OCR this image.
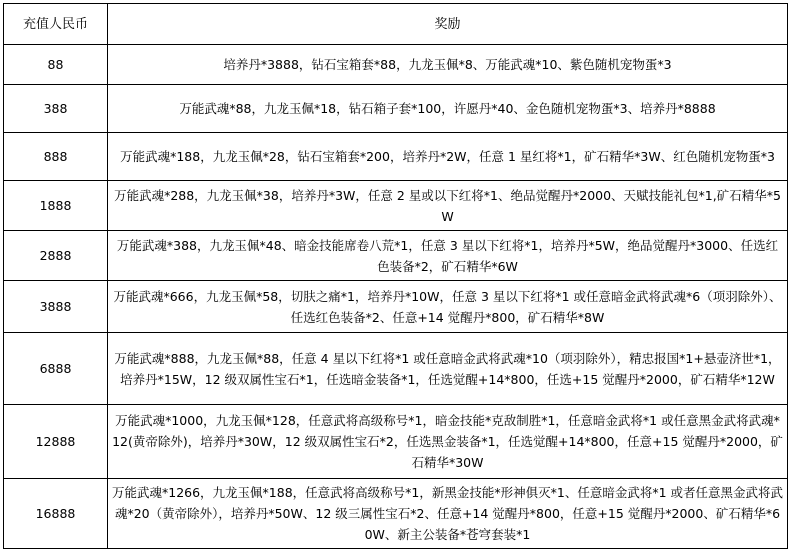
充值人民币	奖励
88	培养丹*3888，钻石宝箱套*88，九龙玉佩*8、万能武魂*10、紫色随机宠物蛋*3
388	万能武魂*88，九龙玉佩*18，钻石箱子套*100，许愿丹*40、金色随机宠物蛋*3、培养丹*8888
888	万能武魂*188，九龙玉佩*28，钻石宝箱套*200，培养丹*2W，任意 1 星红将*1，矿石精华*3W、红色随机宠物蛋*3
1888	万能武魂*288，九龙玉佩*38，培养丹*3W，任意 2 星或以下红将*1、绝品觉醒丹*2000、天赋技能礼包*1,矿石精华*5W
2888	万能武魂*388，九龙玉佩*48、暗金技能席卷八荒*1，任意 3 星以下红将*1，培养丹*5W，绝品觉醒丹*3000、任选红色装备*2，矿石精华*6W
3888	万能武魂*666，九龙玉佩*58，切肤之痛*1，培养丹*10W，任意 3 星以下红将*1 或任意暗金武将武魂*6（项羽除外）、任选红色装备*2、任意+14 觉醒丹*800，矿石精华*8W
6888	万能武魂*888，九龙玉佩*88，任意 4 星以下红将*1 或任意暗金武将武魂*10（项羽除外），精忠报国*1+悬壶济世*1，培养丹*15W，12 级双属性宝石*1，任选暗金装备*1，任选觉醒+14*800，任选+15 觉醒丹*2000，矿石精华*12W
12888	万能武魂*1000，九龙玉佩*128，任意武将高级称号*1，暗金技能*克敌制胜*1，任意暗金武将*1 或任意黑金武将武魂*12(黄帝除外)，培养丹*30W，12 级双属性宝石*2，任选黑金装备*1，任选觉醒+14*800，任意+15 觉醒丹*2000，矿石精华*30W
16888	万能武魂*1266，九龙玉佩*188，任意武将高级称号*1，新黑金技能*形神俱灭*1、任意暗金武将*1 或者任意黑金武将武魂*20（黄帝除外），培养丹*50W、12 级三属性宝石*2、任意+14 觉醒丹*800，任意+15 觉醒丹*2000、矿石精华*60W、新主公装备*苍穹套装*1
